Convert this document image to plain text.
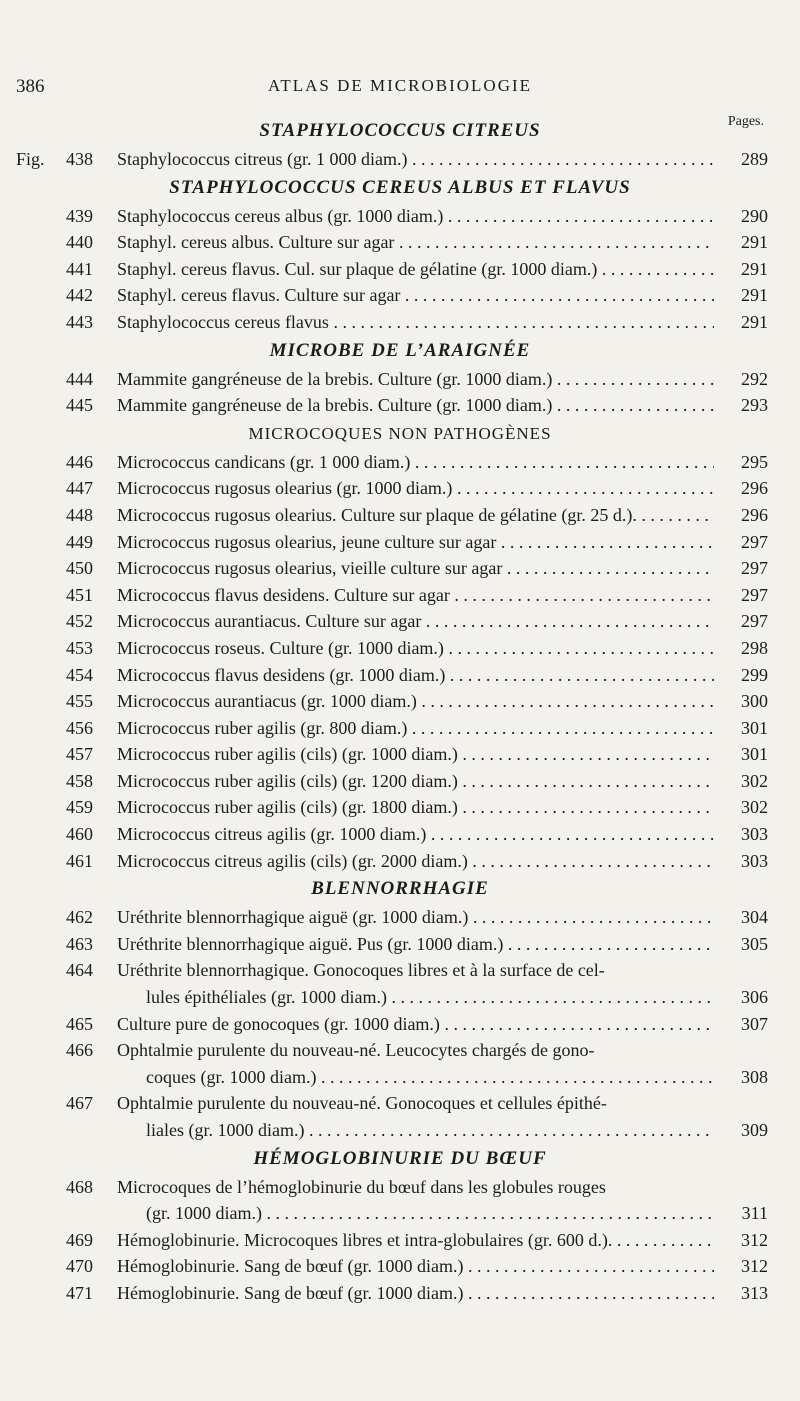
386	ATLAS DE MICROBIOLOGIE
Pages.
STAPHYLOCOCCUS CITREUS
Fig. 438 Staphylococcus citreus (gr. 1 000 diam.) . . .	289
STAPHYLOCOCCUS CEREUS ALBUS ET FLAVUS
439 Staphylococcus cereus albus (gr. 1000 diam.) . . .	290
440 Staphyl. cereus albus. Culture sur agar . . .	291
441 Staphyl. cereus flavus. Cul. sur plaque de gélatine (gr. 1000 diam.) . . .	291
442 Staphyl. cereus flavus. Culture sur agar . . .	291
443 Staphylococcus cereus flavus . . .	291
MICROBE DE L’ARAIGNÉE
444 Mammite gangréneuse de la brebis. Culture (gr. 1000 diam.) . . .	292
445 Mammite gangréneuse de la brebis. Culture (gr. 1000 diam.) . . .	293
MICROCOQUES NON PATHOGÈNES
446 Micrococcus candicans (gr. 1 000 diam.) . . .	295
447 Micrococcus rugosus olearius (gr. 1000 diam.) . . .	296
448 Micrococcus rugosus olearius. Culture sur plaque de gélatine (gr. 25 d.). . . .	296
449 Micrococcus rugosus olearius, jeune culture sur agar . . .	297
450 Micrococcus rugosus olearius, vieille culture sur agar . . .	297
451 Micrococcus flavus desidens. Culture sur agar . . .	297
452 Micrococcus aurantiacus. Culture sur agar . . .	297
453 Micrococcus roseus. Culture (gr. 1000 diam.) . . .	298
454 Micrococcus flavus desidens (gr. 1000 diam.) . . .	299
455 Micrococcus aurantiacus (gr. 1000 diam.) . . .	300
456 Micrococcus ruber agilis (gr. 800 diam.) . . .	301
457 Micrococcus ruber agilis (cils) (gr. 1000 diam.) . . .	301
458 Micrococcus ruber agilis (cils) (gr. 1200 diam.) . . .	302
459 Micrococcus ruber agilis (cils) (gr. 1800 diam.) . . .	302
460 Micrococcus citreus agilis (gr. 1000 diam.) . . .	303
461 Micrococcus citreus agilis (cils) (gr. 2000 diam.) . . .	303
BLENNORRHAGIE
462 Uréthrite blennorrhagique aiguë (gr. 1000 diam.) . . .	304
463 Uréthrite blennorrhagique aiguë. Pus (gr. 1000 diam.) . . .	305
464 Uréthrite blennorrhagique. Gonocoques libres et à la surface de cel-
lules épithéliales (gr. 1000 diam.) . . .	306
465 Culture pure de gonocoques (gr. 1000 diam.) . . .	307
466 Ophtalmie purulente du nouveau-né. Leucocytes chargés de gono-
coques (gr. 1000 diam.) . . .	308
467 Ophtalmie purulente du nouveau-né. Gonocoques et cellules épithé-
liales (gr. 1000 diam.) . . .	309
HÉMOGLOBINURIE DU BŒUF
468 Microcoques de l’hémoglobinurie du bœuf dans les globules rouges
(gr. 1000 diam.) . . .	311
469 Hémoglobinurie. Microcoques libres et intra-globulaires (gr. 600 d.). . . .	312
470 Hémoglobinurie. Sang de bœuf (gr. 1000 diam.) . . .	312
471 Hémoglobinurie. Sang de bœuf (gr. 1000 diam.) . . .	313
